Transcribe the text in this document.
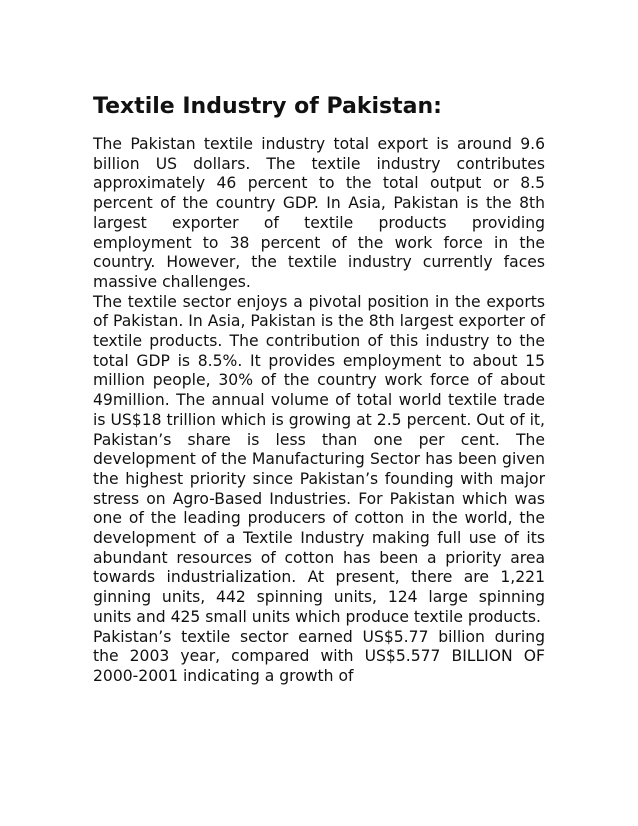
Textile Industry of Pakistan:

The Pakistan textile industry total export is around 9.6 billion US dollars. The textile industry contributes approximately 46 percent to the total output or 8.5 percent of the country GDP. In Asia, Pakistan is the 8th largest exporter of textile products providing employment to 38 percent of the work force in the country. However, the textile industry currently faces massive challenges.

The textile sector enjoys a pivotal position in the exports of Pakistan. In Asia, Pakistan is the 8th largest exporter of textile products. The contribution of this industry to the total GDP is 8.5%. It provides employment to about 15 million people, 30% of the country work force of about 49million. The annual volume of total world textile trade is US$18 trillion which is growing at 2.5 percent. Out of it, Pakistan’s share is less than one per cent. The development of the Manufacturing Sector has been given the highest priority since Pakistan’s founding with major stress on Agro-Based Industries. For Pakistan which was one of the leading producers of cotton in the world, the development of a Textile Industry making full use of its abundant resources of cotton has been a priority area towards industrialization. At present, there are 1,221 ginning units, 442 spinning units, 124 large spinning units and 425 small units which produce textile products.

Pakistan’s textile sector earned US$5.77 billion during the 2003 year, compared with US$5.577 BILLION OF 2000-2001 indicating a growth of
